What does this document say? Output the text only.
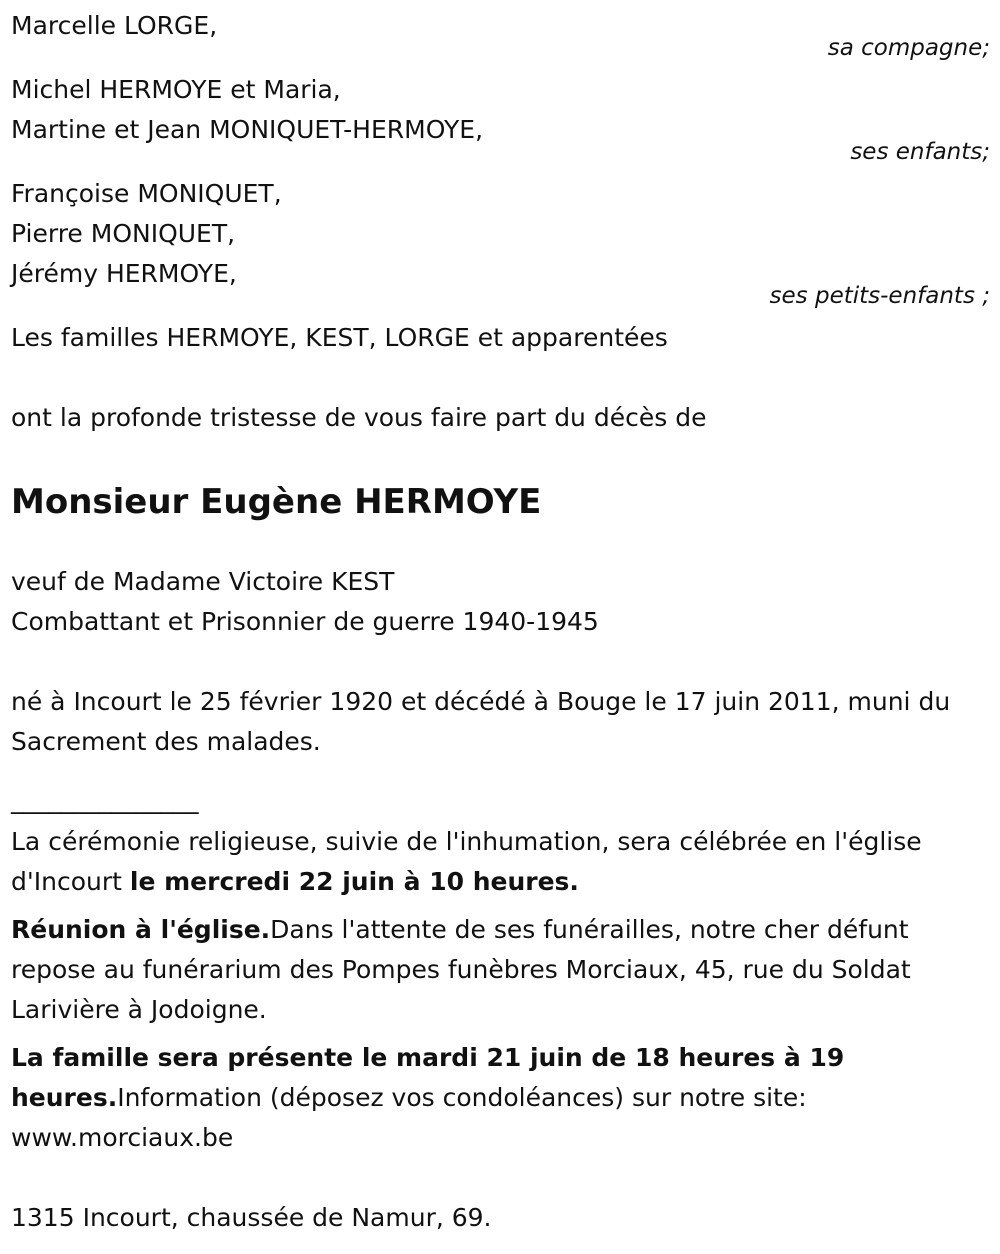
Marcelle LORGE,
sa compagne;
Michel HERMOYE et Maria,
Martine et Jean MONIQUET-HERMOYE,
ses enfants;
Françoise MONIQUET,
Pierre MONIQUET,
Jérémy HERMOYE,
ses petits-enfants ;
Les familles HERMOYE, KEST, LORGE et apparentées
ont la profonde tristesse de vous faire part du décès de
Monsieur Eugène HERMOYE
veuf de Madame Victoire KEST
Combattant et Prisonnier de guerre 1940-1945
né à Incourt le 25 février 1920 et décédé à Bouge le 17 juin 2011, muni du Sacrement des malades.
_______________
La cérémonie religieuse, suivie de l'inhumation, sera célébrée en l'église d'Incourt le mercredi 22 juin à 10 heures.
Réunion à l'église.Dans l'attente de ses funérailles, notre cher défunt repose au funérarium des Pompes funèbres Morciaux, 45, rue du Soldat Larivière à Jodoigne.
La famille sera présente le mardi 21 juin de 18 heures à 19 heures.Information (déposez vos condoléances) sur notre site: www.morciaux.be
1315 Incourt, chaussée de Namur, 69.
